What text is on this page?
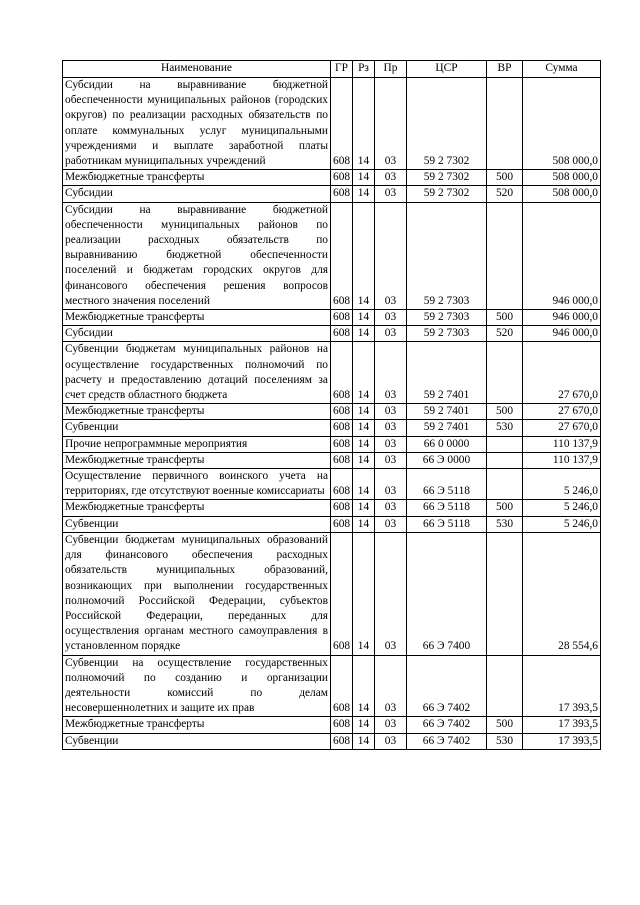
Наименование	ГР	Рз	Пр	ЦСР	ВР	Сумма
Субсидии на выравнивание бюджетной обеспеченности муниципальных районов (городских округов) по реализации расходных обязательств по оплате коммунальных услуг муниципальными учреждениями и выплате заработной платы работникам муниципальных учреждений	608	14	03	59 2 7302		508 000,0
Межбюджетные трансферты	608	14	03	59 2 7302	500	508 000,0
Субсидии	608	14	03	59 2 7302	520	508 000,0
Субсидии на выравнивание бюджетной обеспеченности муниципальных районов по реализации расходных обязательств по выравниванию бюджетной обеспеченности поселений и бюджетам городских округов для финансового обеспечения решения вопросов местного значения поселений	608	14	03	59 2 7303		946 000,0
Межбюджетные трансферты	608	14	03	59 2 7303	500	946 000,0
Субсидии	608	14	03	59 2 7303	520	946 000,0
Субвенции бюджетам муниципальных районов на осуществление государственных полномочий по расчету и предоставлению дотаций поселениям за счет средств областного бюджета	608	14	03	59 2 7401		27 670,0
Межбюджетные трансферты	608	14	03	59 2 7401	500	27 670,0
Субвенции	608	14	03	59 2 7401	530	27 670,0
Прочие непрограммные мероприятия	608	14	03	66 0 0000		110 137,9
Межбюджетные трансферты	608	14	03	66 Э 0000		110 137,9
Осуществление первичного воинского учета на территориях, где отсутствуют военные комиссариаты	608	14	03	66 Э 5118		5 246,0
Межбюджетные трансферты	608	14	03	66 Э 5118	500	5 246,0
Субвенции	608	14	03	66 Э 5118	530	5 246,0
Субвенции бюджетам муниципальных образований для финансового обеспечения расходных обязательств муниципальных образований, возникающих при выполнении государственных полномочий Российской Федерации, субъектов Российской Федерации, переданных для осуществления органам местного самоуправления в установленном порядке	608	14	03	66 Э 7400		28 554,6
Субвенции на осуществление государственных полномочий по созданию и организации деятельности комиссий по делам несовершеннолетних и защите их прав	608	14	03	66 Э 7402		17 393,5
Межбюджетные трансферты	608	14	03	66 Э 7402	500	17 393,5
Субвенции	608	14	03	66 Э 7402	530	17 393,5
